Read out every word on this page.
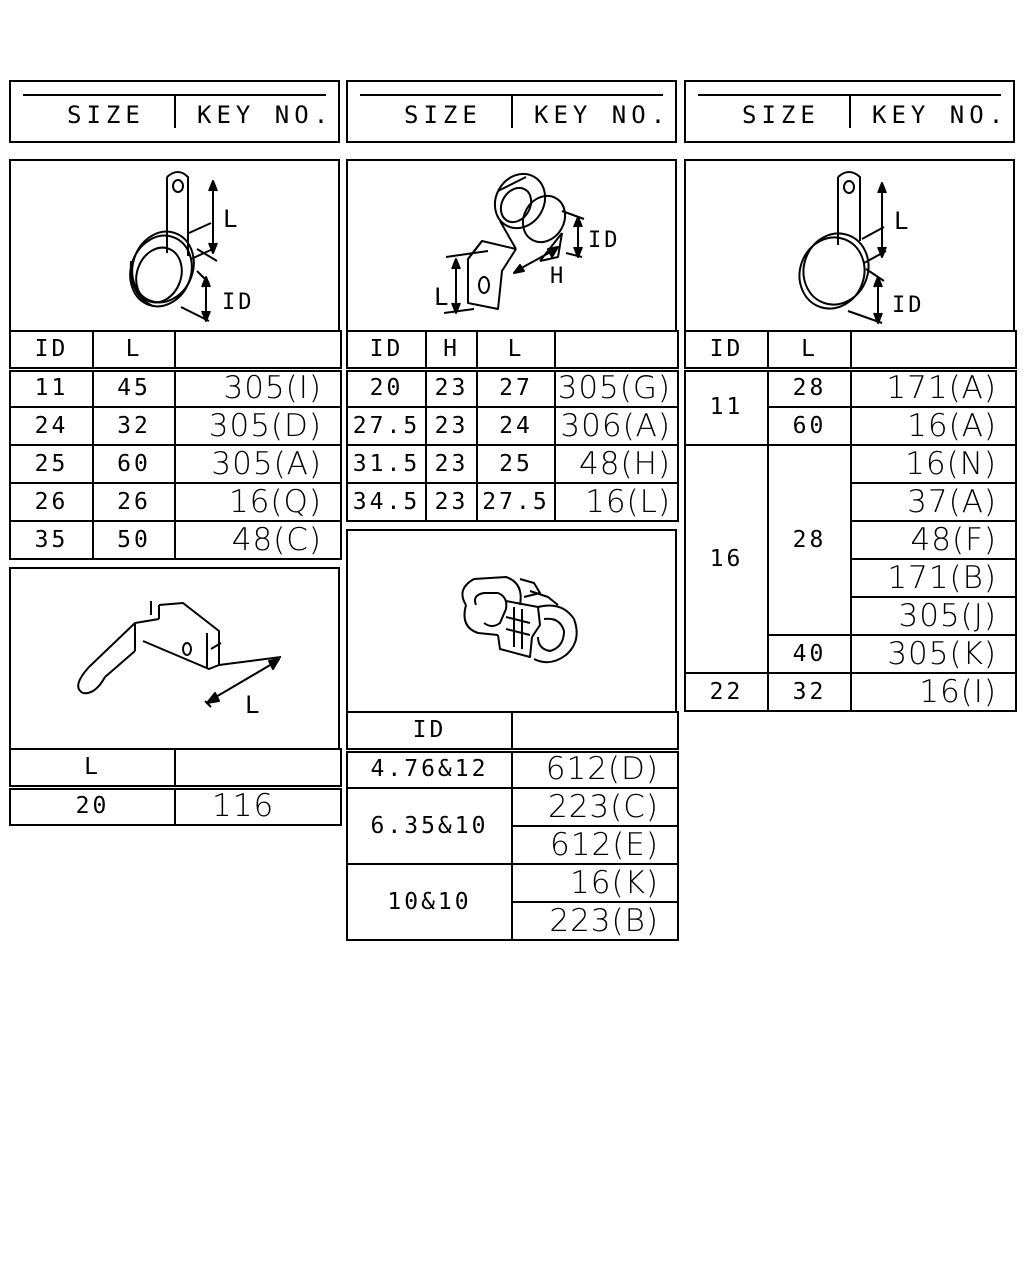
SIZE KEY NO.	SIZE KEY NO.	SIZE KEY NO.
L
ID
ID	L	
11	45	305(I)
24	32	305(D)
25	60	305(A)
26	26	16(Q)
35	50	48(C)
L
L	
20	116
ID
H
L
ID	H	L	
20	23	27	305(G)
27.5	23	24	306(A)
31.5	23	25	48(H)
34.5	23	27.5	16(L)
ID	
4.76&12	612(D)
6.35&10	223(C)
	612(E)
10&10	16(K)
	223(B)
L
ID
ID	L	
11	28	171(A)
	60	16(A)
16	28	16(N)
		37(A)
		48(F)
		171(B)
		305(J)
	40	305(K)
22	32	16(I)
